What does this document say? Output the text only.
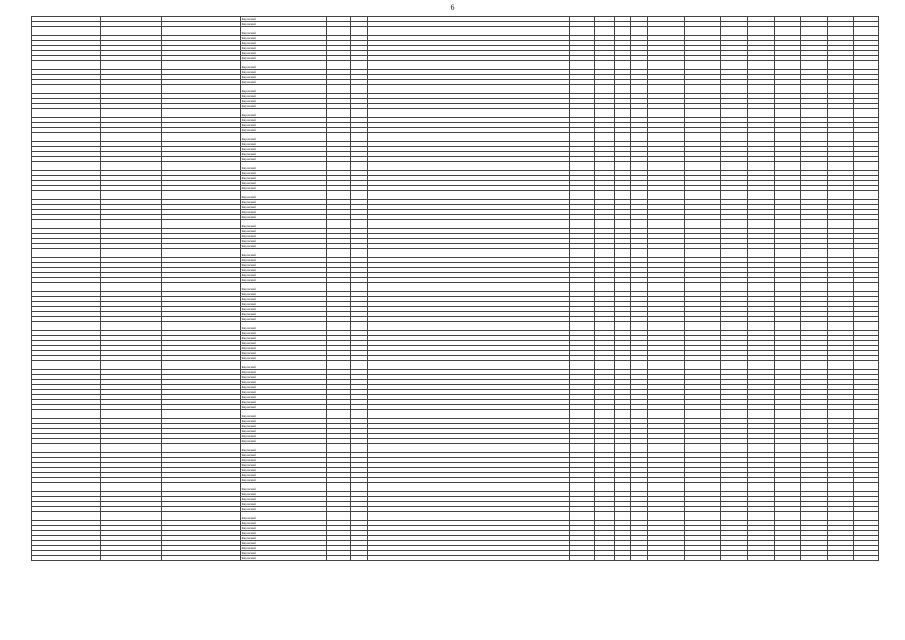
6
			Кировский															
			Кировский															
			Кировский															
			Кировский															
			Кировский															
			Кировский															
			Кировский															
			Кировский															
			Кировский															
			Кировский															
			Кировский															
			Кировский															
			Кировский															
			Кировский															
			Кировский															
			Кировский															
			Кировский															
			Кировский															
			Кировский															
			Кировский															
			Кировский															
			Кировский															
			Кировский															
			Кировский															
			Кировский															
			Кировский															
			Кировский															
			Кировский															
			Кировский															
			Кировский															
			Кировский															
			Кировский															
			Кировский															
			Кировский															
			Кировский															
			Кировский															
			Кировский															
			Кировский															
			Кировский															
			Кировский															
			Кировский															
			Кировский															
			Кировский															
			Кировский															
			Кировский															
			Кировский															
			Кировский															
			Кировский															
			Кировский															
			Кировский															
			Кировский															
			Кировский															
			Кировский															
			Кировский															
			Кировский															
			Кировский															
			Кировский															
			Кировский															
			Кировский															
			Кировский															
			Кировский															
			Кировский															
			Кировский															
			Кировский															
			Кировский															
			Кировский															
			Кировский															
			Кировский															
			Кировский															
			Кировский															
			Кировский															
			Кировский															
			Кировский															
			Кировский															
			Кировский															
			Кировский															
			Кировский															
			Кировский															
			Кировский															
			Кировский															
			Кировский															
			Кировский															
			Кировский															
			Кировский															
			Кировский															
			Кировский															
			Кировский															
			Кировский															
			Кировский															
			Кировский															
			Кировский															
			Кировский															
			Кировский															
			Кировский															
			Кировский															
			Кировский															
